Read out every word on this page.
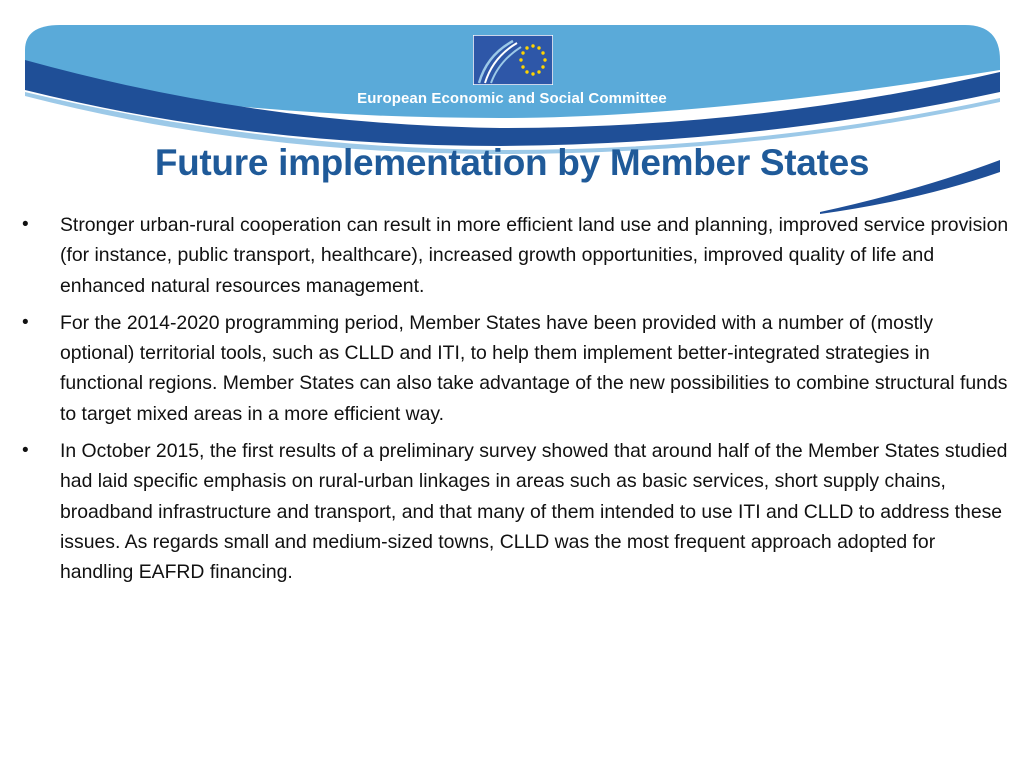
European Economic and Social Committee
Future implementation by Member States
• Stronger urban-rural cooperation can result in more efficient land use and planning, improved service provision (for instance, public transport, healthcare), increased growth opportunities, improved quality of life and enhanced natural resources management.
• For the 2014-2020 programming period, Member States have been provided with a number of (mostly optional) territorial tools, such as CLLD and ITI, to help them implement better-integrated strategies in functional regions. Member States can also take advantage of the new possibilities to combine structural funds to target mixed areas in a more efficient way.
• In October 2015, the first results of a preliminary survey showed that around half of the Member States studied had laid specific emphasis on rural-urban linkages in areas such as basic services, short supply chains, broadband infrastructure and transport, and that many of them intended to use ITI and CLLD to address these issues. As regards small and medium-sized towns, CLLD was the most frequent approach adopted for handling EAFRD financing.
